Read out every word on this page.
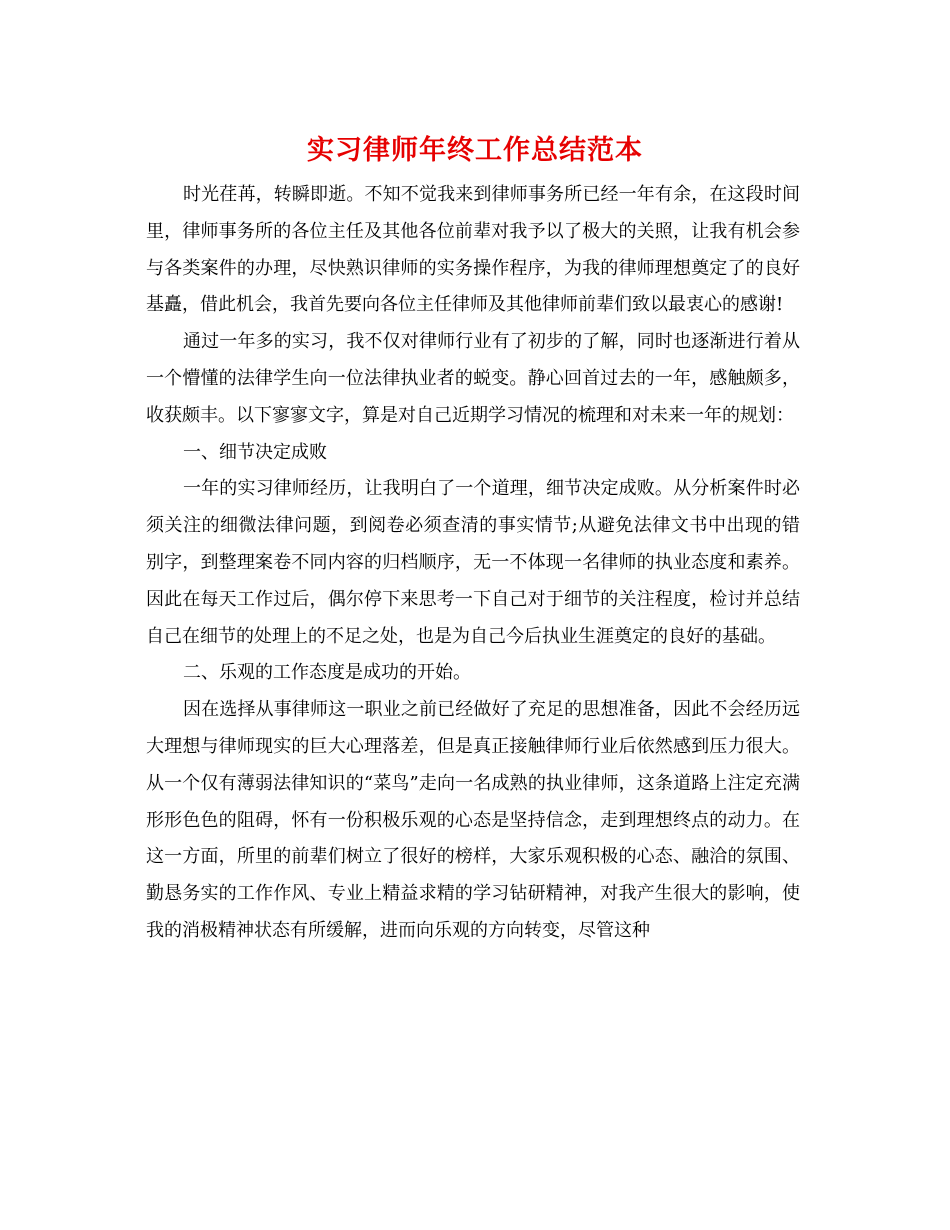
实习律师年终工作总结范本

时光荏苒，转瞬即逝。不知不觉我来到律师事务所已经一年有余，在这段时间里，律师事务所的各位主任及其他各位前辈对我予以了极大的关照，让我有机会参与各类案件的办理，尽快熟识律师的实务操作程序，为我的律师理想奠定了的良好基矗，借此机会，我首先要向各位主任律师及其他律师前辈们致以最衷心的感谢!

通过一年多的实习，我不仅对律师行业有了初步的了解，同时也逐渐进行着从一个懵懂的法律学生向一位法律执业者的蜕变。静心回首过去的一年，感触颇多，收获颇丰。以下寥寥文字，算是对自己近期学习情况的梳理和对未来一年的规划：

一、细节决定成败

一年的实习律师经历，让我明白了一个道理，细节决定成败。从分析案件时必须关注的细微法律问题，到阅卷必须查清的事实情节;从避免法律文书中出现的错别字，到整理案卷不同内容的归档顺序，无一不体现一名律师的执业态度和素养。因此在每天工作过后，偶尔停下来思考一下自己对于细节的关注程度，检讨并总结自己在细节的处理上的不足之处，也是为自己今后执业生涯奠定的良好的基础。

二、乐观的工作态度是成功的开始。

因在选择从事律师这一职业之前已经做好了充足的思想准备，因此不会经历远大理想与律师现实的巨大心理落差，但是真正接触律师行业后依然感到压力很大。从一个仅有薄弱法律知识的“菜鸟”走向一名成熟的执业律师，这条道路上注定充满形形色色的阻碍，怀有一份积极乐观的心态是坚持信念，走到理想终点的动力。在这一方面，所里的前辈们树立了很好的榜样，大家乐观积极的心态、融洽的氛围、勤恳务实的工作作风、专业上精益求精的学习钻研精神，对我产生很大的影响，使我的消极精神状态有所缓解，进而向乐观的方向转变，尽管这种
